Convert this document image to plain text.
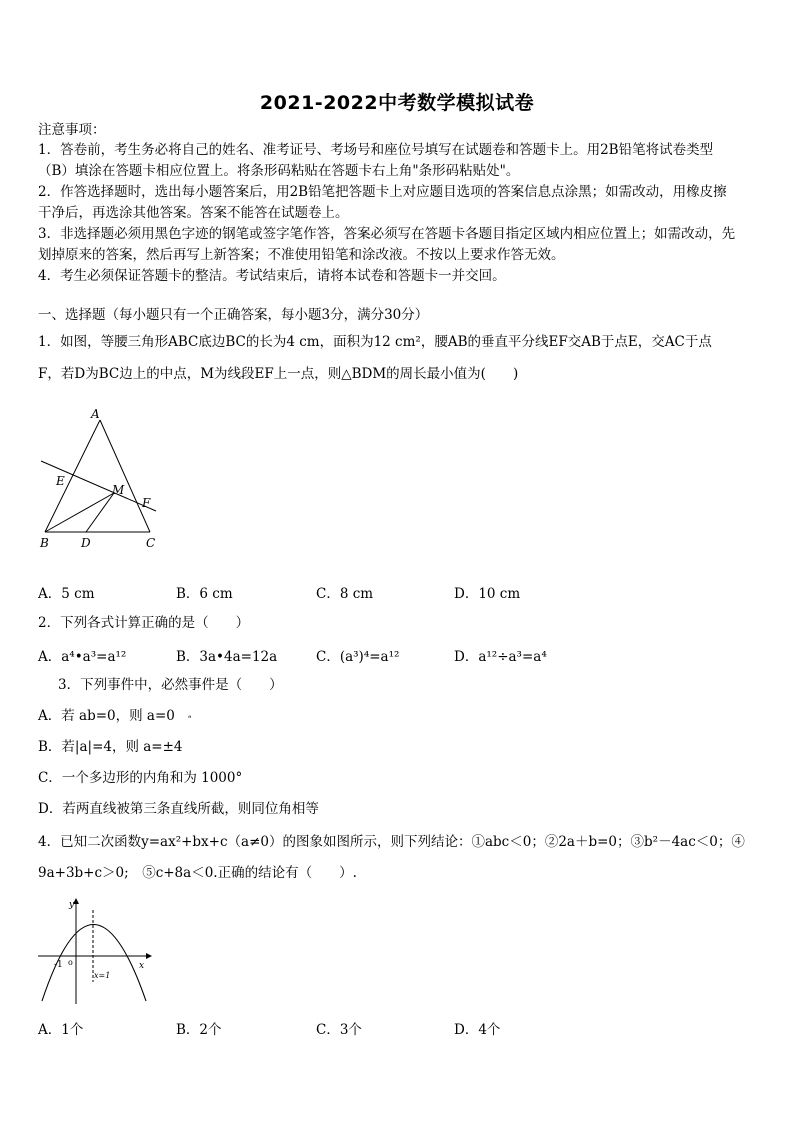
2021-2022中考数学模拟试卷
注意事项：
1．答卷前，考生务必将自己的姓名、准考证号、考场号和座位号填写在试题卷和答题卡上。用2B铅笔将试卷类型
（B）填涂在答题卡相应位置上。将条形码粘贴在答题卡右上角"条形码粘贴处"。
2．作答选择题时，选出每小题答案后，用2B铅笔把答题卡上对应题目选项的答案信息点涂黑；如需改动，用橡皮擦
干净后，再选涂其他答案。答案不能答在试题卷上。
3．非选择题必须用黑色字迹的钢笔或签字笔作答，答案必须写在答题卡各题目指定区域内相应位置上；如需改动，先
划掉原来的答案，然后再写上新答案；不准使用铅笔和涂改液。不按以上要求作答无效。
4．考生必须保证答题卡的整洁。考试结束后，请将本试卷和答题卡一并交回。
一、选择题（每小题只有一个正确答案，每小题3分，满分30分）
1．如图，等腰三角形ABC底边BC的长为4 cm，面积为12 cm²，腰AB的垂直平分线EF交AB于点E，交AC于点
F，若D为BC边上的中点，M为线段EF上一点，则△BDM的周长最小值为(　　)
A
E
M
F
B	D	C
A．5 cm	B．6 cm	C．8 cm	D．10 cm
2．下列各式计算正确的是（　　）
A．a⁴•a³=a¹²	B．3a•4a=12a	C．(a³)⁴=a¹²	D．a¹²÷a³=a⁴
3．下列事件中，必然事件是（　　）
A．若 ab=0，则 a=0 ₔ
B．若|a|=4，则 a=±4
C．一个多边形的内角和为 1000°
D．若两直线被第三条直线所截，则同位角相等
4．已知二次函数y=ax²+bx+c（a≠0）的图象如图所示，则下列结论：①abc＜0；②2a＋b=0；③b²－4ac＜0；④
9a+3b+c＞0;　⑤c+8a＜0.正确的结论有（　　）.
y
x
-1 o
x=1
A．1个	B．2个	C．3个	D．4个
